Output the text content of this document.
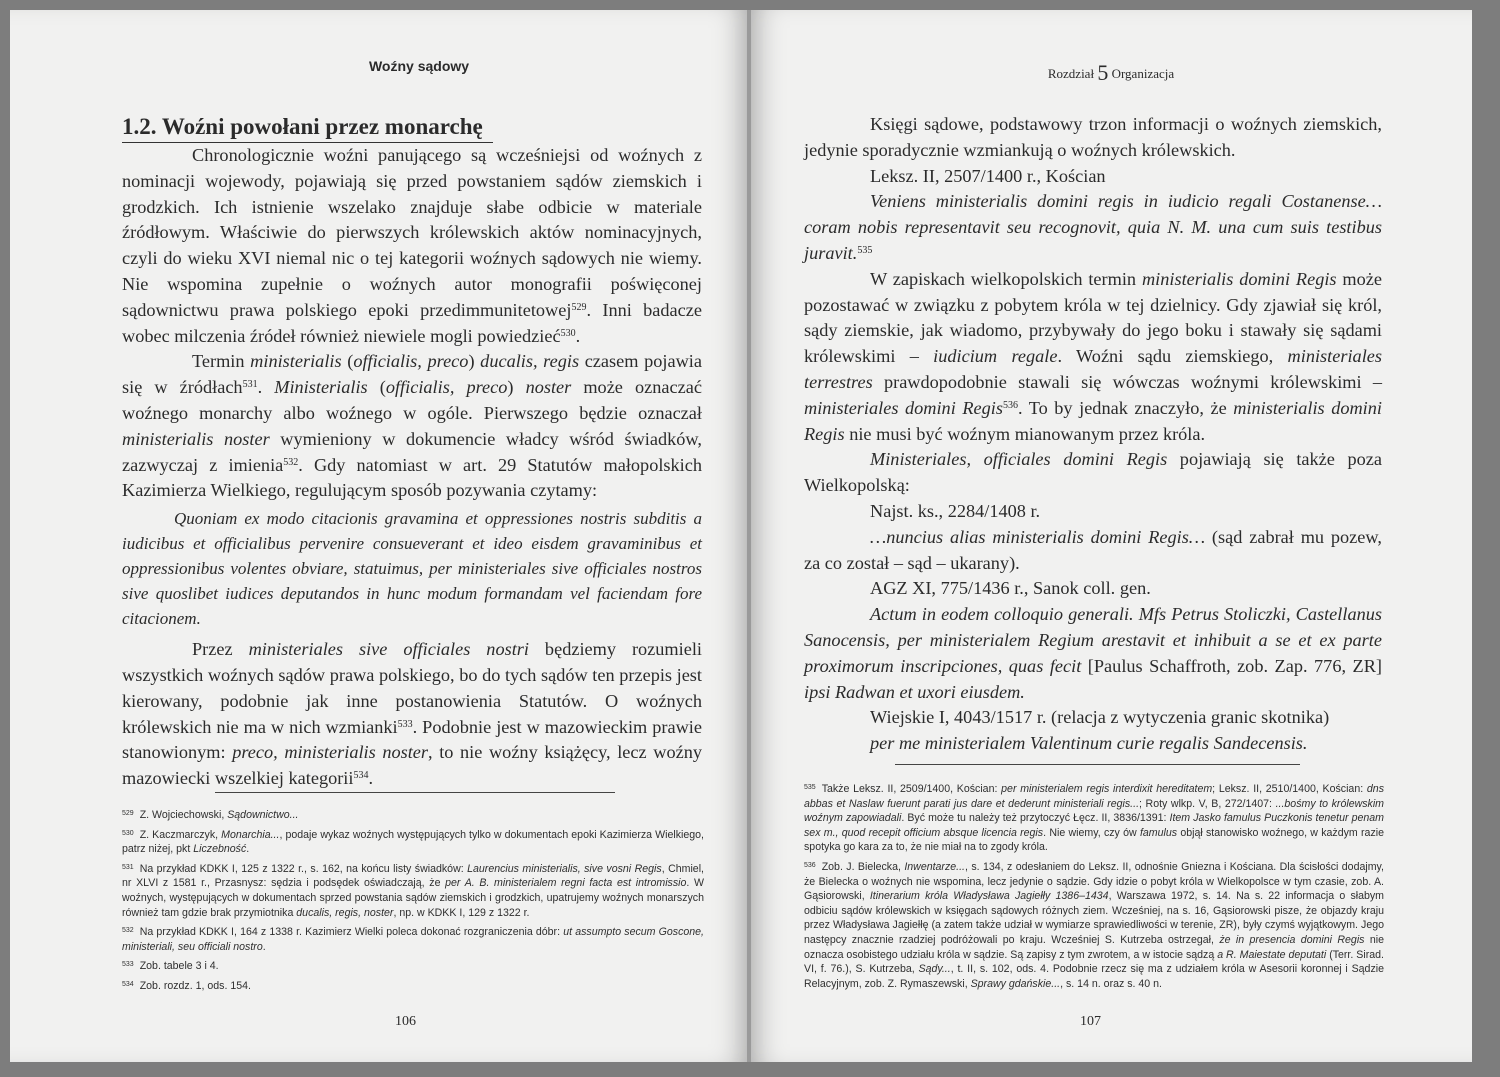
Woźny sądowy
1.2. Woźni powołani przez monarchę

Chronologicznie woźni panującego są wcześniejsi od woźnych z nominacji wojewody, pojawiają się przed powstaniem sądów ziemskich i grodzkich. Ich istnienie wszelako znajduje słabe odbicie w materiale źródłowym. Właściwie do pierwszych królewskich aktów nominacyjnych, czyli do wieku XVI niemal nic o tej kategorii woźnych sądowych nie wiemy. Nie wspomina zupełnie o woźnych autor monografii poświęconej sądownictwu prawa polskiego epoki przedimmunitetowej$^{529}$. Inni badacze wobec milczenia źródeł również niewiele mogli powiedzieć$^{530}$.

Termin ministerialis (officialis, preco) ducalis, regis czasem pojawia się w źródłach$^{531}$. Ministerialis (officialis, preco) noster może oznaczać woźnego monarchy albo woźnego w ogóle. Pierwszego będzie oznaczał ministerialis noster wymieniony w dokumencie władcy wśród świadków, zazwyczaj z imienia$^{532}$. Gdy natomiast w art. 29 Statutów małopolskich Kazimierza Wielkiego, regulującym sposób pozywania czytamy:

Quoniam ex modo citacionis gravamina et oppressiones nostris subditis a iudicibus et officialibus pervenire consueverant et ideo eisdem gravaminibus et oppressionibus volentes obviare, statuimus, per ministeriales sive officiales nostros sive quoslibet iudices deputandos in hunc modum formandam vel faciendam fore citacionem.

Przez ministeriales sive officiales nostri będziemy rozumieli wszystkich woźnych sądów prawa polskiego, bo do tych sądów ten przepis jest kierowany, podobnie jak inne postanowienia Statutów. O woźnych królewskich nie ma w nich wzmianki$^{533}$. Podobnie jest w mazowieckim prawie stanowionym: preco, ministerialis noster, to nie woźny książęcy, lecz woźny mazowiecki wszelkiej kategorii$^{534}$.

$^{529}$ Z. Wojciechowski, Sądownictwo...

$^{530}$ Z. Kaczmarczyk, Monarchia..., podaje wykaz woźnych występujących tylko w dokumentach epoki Kazimierza Wielkiego, patrz niżej, pkt Liczebność.

$^{531}$ Na przykład KDKK I, 125 z 1322 r., s. 162, na końcu listy świadków: Laurencius ministerialis, sive vosni Regis, Chmiel, nr XLVI z 1581 r., Przasnysz: sędzia i podsędek oświadczają, że per A. B. ministerialem regni facta est intromissio. W woźnych, występujących w dokumentach sprzed powstania sądów ziemskich i grodzkich, upatrujemy woźnych monarszych również tam gdzie brak przymiotnika ducalis, regis, noster, np. w KDKK I, 129 z 1322 r.

$^{532}$ Na przykład KDKK I, 164 z 1338 r. Kazimierz Wielki poleca dokonać rozgraniczenia dóbr: ut assumpto secum Goscone, ministeriali, seu officiali nostro.

$^{533}$ Zob. tabele 3 i 4.

$^{534}$ Zob. rozdz. 1, ods. 154.

106
Rozdział 5 Organizacja

Księgi sądowe, podstawowy trzon informacji o woźnych ziemskich, jedynie sporadycznie wzmiankują o woźnych królewskich.

Leksz. II, 2507/1400 r., Kościan

Veniens ministerialis domini regis in iudicio regali Costanense… coram nobis representavit seu recognovit, quia N. M. una cum suis testibus juravit.$^{535}$

W zapiskach wielkopolskich termin ministerialis domini Regis może pozostawać w związku z pobytem króla w tej dzielnicy. Gdy zjawiał się król, sądy ziemskie, jak wiadomo, przybywały do jego boku i stawały się sądami królewskimi – iudicium regale. Woźni sądu ziemskiego, ministeriales terrestres prawdopodobnie stawali się wówczas woźnymi królewskimi – ministeriales domini Regis$^{536}$. To by jednak znaczyło, że ministerialis domini Regis nie musi być woźnym mianowanym przez króla.

Ministeriales, officiales domini Regis pojawiają się także poza Wielkopolską:

Najst. ks., 2284/1408 r.

…nuncius alias ministerialis domini Regis… (sąd zabrał mu pozew, za co został – sąd – ukarany).

AGZ XI, 775/1436 r., Sanok coll. gen.

Actum in eodem colloquio generali. Mfs Petrus Stoliczki, Castellanus Sanocensis, per ministerialem Regium arestavit et inhibuit a se et ex parte proximorum inscripciones, quas fecit [Paulus Schaffroth, zob. Zap. 776, ZR] ipsi Radwan et uxori eiusdem.

Wiejskie I, 4043/1517 r. (relacja z wytyczenia granic skotnika)

per me ministerialem Valentinum curie regalis Sandecensis.

$^{535}$ Także Leksz. II, 2509/1400, Kościan: per ministerialem regis interdixit hereditatem; Leksz. II, 2510/1400, Kościan: dns abbas et Naslaw fuerunt parati jus dare et dederunt ministeriali regis...; Roty wlkp. V, B, 272/1407: ...bośmy to królewskim woźnym zapowiadali. Być może tu należy też przytoczyć Łęcz. II, 3836/1391: Item Jasko famulus Puczkonis tenetur penam sex m., quod recepit officium absque licencia regis. Nie wiemy, czy ów famulus objął stanowisko woźnego, w każdym razie spotyka go kara za to, że nie miał na to zgody króla.

$^{536}$ Zob. J. Bielecka, Inwentarze..., s. 134, z odesłaniem do Leksz. II, odnośnie Gniezna i Kościana. Dla ścisłości dodajmy, że Bielecka o woźnych nie wspomina, lecz jedynie o sądzie. Gdy idzie o pobyt króla w Wielkopolsce w tym czasie, zob. A. Gąsiorowski, Itinerarium króla Władysława Jagiełły 1386–1434, Warszawa 1972, s. 14. Na s. 22 informacja o słabym odbiciu sądów królewskich w księgach sądowych różnych ziem. Wcześniej, na s. 16, Gąsiorowski pisze, że objazdy kraju przez Władysława Jagiełłę (a zatem także udział w wymiarze sprawiedliwości w terenie, ZR), były czymś wyjątkowym. Jego następcy znacznie rzadziej podróżowali po kraju. Wcześniej S. Kutrzeba ostrzegał, że in presencia domini Regis nie oznacza osobistego udziału króla w sądzie. Są zapisy z tym zwrotem, a w istocie sądzą a R. Maiestate deputati (Terr. Sirad. VI, f. 76.), S. Kutrzeba, Sądy..., t. II, s. 102, ods. 4. Podobnie rzecz się ma z udziałem króla w Asesorii koronnej i Sądzie Relacyjnym, zob. Z. Rymaszewski, Sprawy gdańskie..., s. 14 n. oraz s. 40 n.

107
